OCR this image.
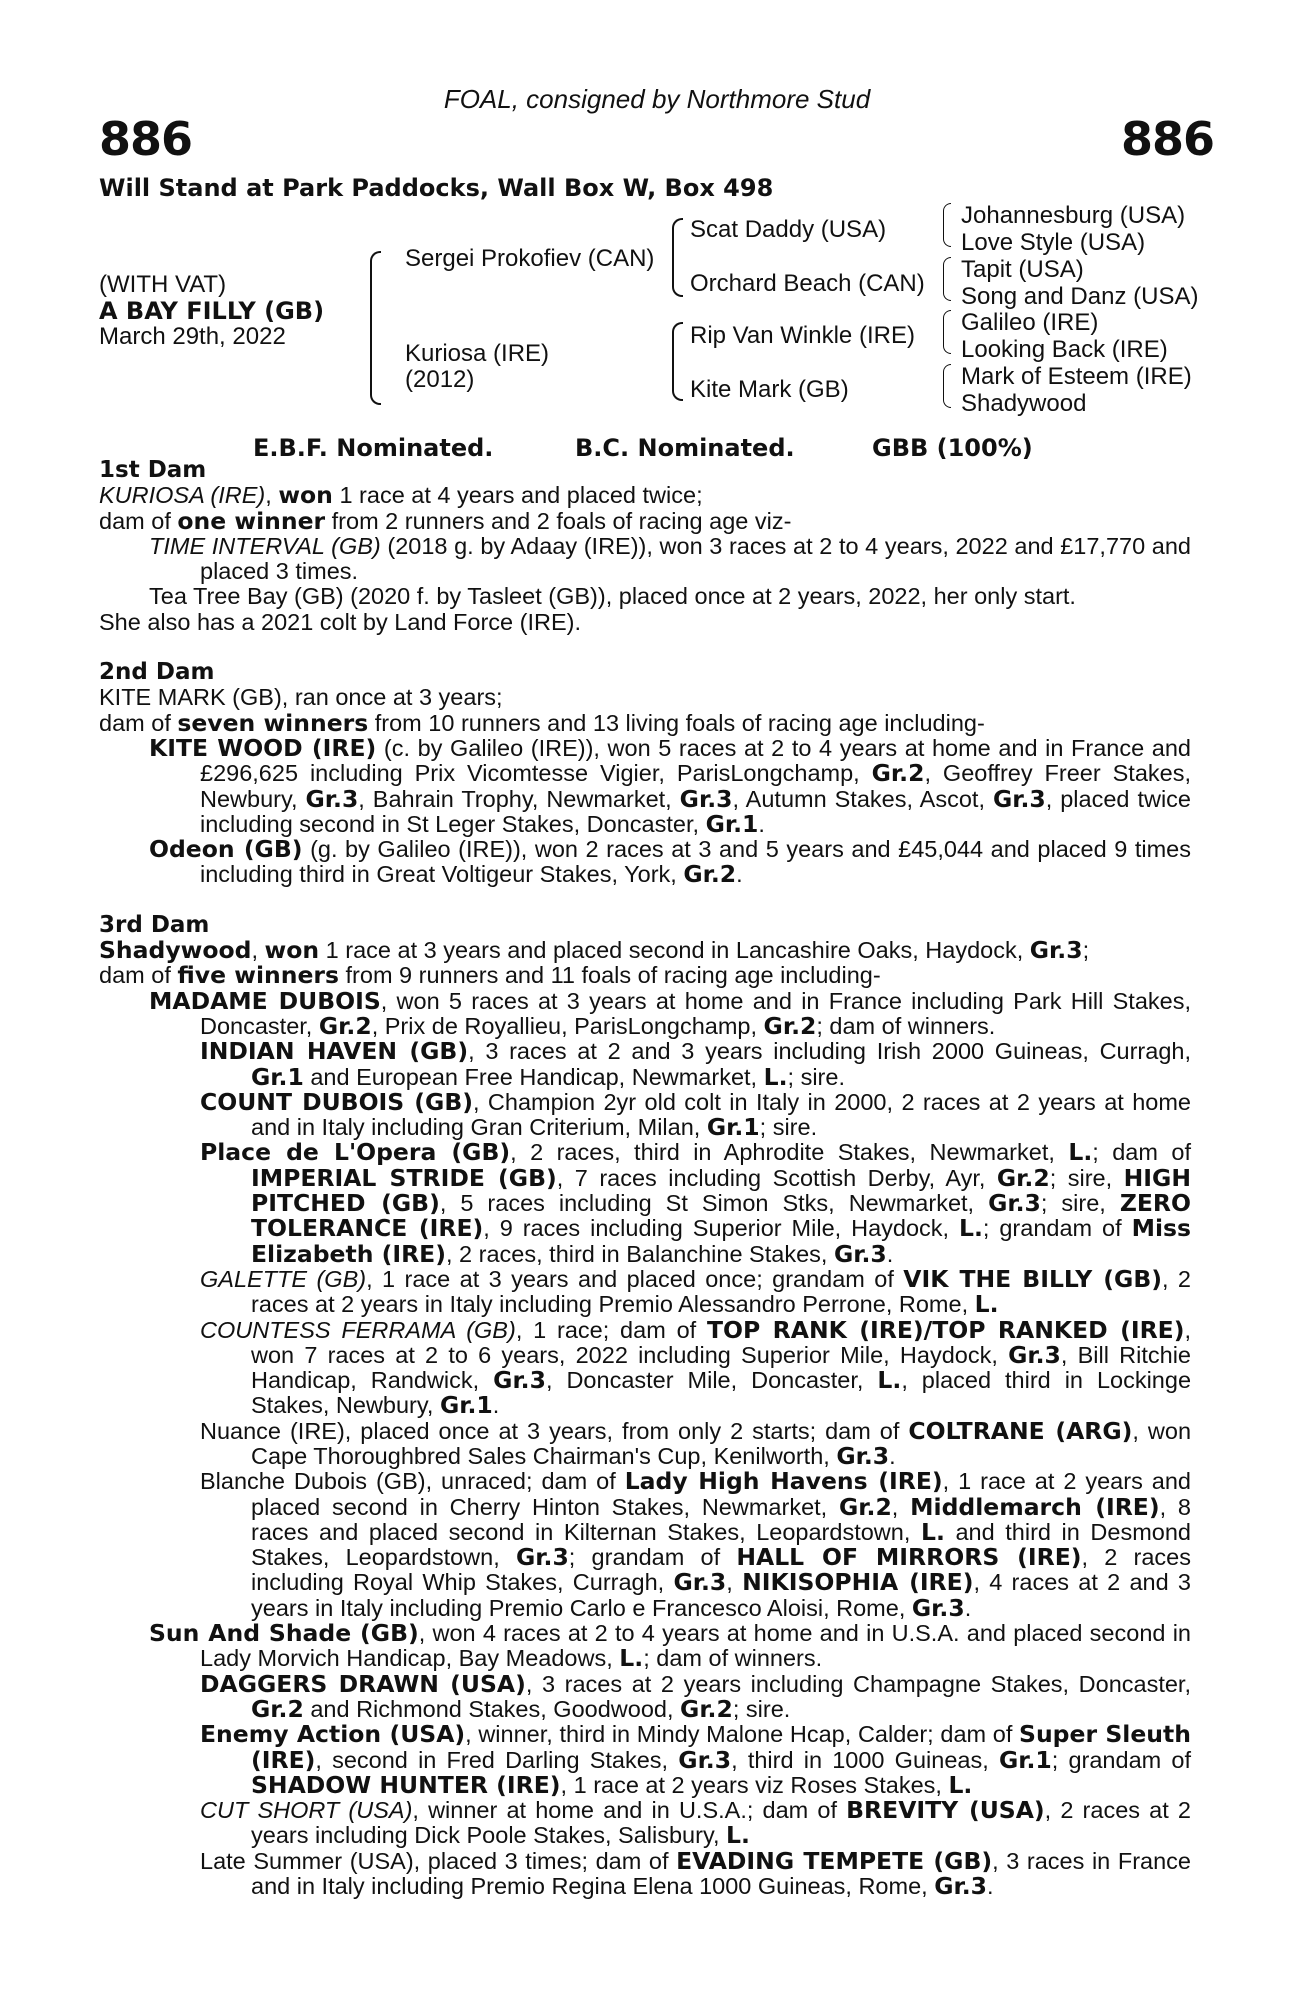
FOAL, consigned by Northmore Stud
886	886
Will Stand at Park Paddocks, Wall Box W, Box 498
(WITH VAT)
A BAY FILLY (GB)
March 29th, 2022
Sergei Prokofiev (CAN)
Kuriosa (IRE)
(2012)
Scat Daddy (USA)
Orchard Beach (CAN)
Rip Van Winkle (IRE)
Kite Mark (GB)
Johannesburg (USA)
Love Style (USA)
Tapit (USA)
Song and Danz (USA)
Galileo (IRE)
Looking Back (IRE)
Mark of Esteem (IRE)
Shadywood
E.B.F. Nominated.	B.C. Nominated.	GBB (100%)
1st Dam

KURIOSA (IRE), won 1 race at 4 years and placed twice;

dam of one winner from 2 runners and 2 foals of racing age viz-

TIME INTERVAL (GB) (2018 g. by Adaay (IRE)), won 3 races at 2 to 4 years, 2022 and £17,770 and placed 3 times.

Tea Tree Bay (GB) (2020 f. by Tasleet (GB)), placed once at 2 years, 2022, her only start.

She also has a 2021 colt by Land Force (IRE).

2nd Dam

KITE MARK (GB), ran once at 3 years;

dam of seven winners from 10 runners and 13 living foals of racing age including-

KITE WOOD (IRE) (c. by Galileo (IRE)), won 5 races at 2 to 4 years at home and in France and £296,625 including Prix Vicomtesse Vigier, ParisLongchamp, Gr.2, Geoffrey Freer Stakes, Newbury, Gr.3, Bahrain Trophy, Newmarket, Gr.3, Autumn Stakes, Ascot, Gr.3, placed twice including second in St Leger Stakes, Doncaster, Gr.1.

Odeon (GB) (g. by Galileo (IRE)), won 2 races at 3 and 5 years and £45,044 and placed 9 times including third in Great Voltigeur Stakes, York, Gr.2.

3rd Dam

Shadywood, won 1 race at 3 years and placed second in Lancashire Oaks, Haydock, Gr.3;

dam of five winners from 9 runners and 11 foals of racing age including-

MADAME DUBOIS, won 5 races at 3 years at home and in France including Park Hill Stakes, Doncaster, Gr.2, Prix de Royallieu, ParisLongchamp, Gr.2; dam of winners.

INDIAN HAVEN (GB), 3 races at 2 and 3 years including Irish 2000 Guineas, Curragh, Gr.1 and European Free Handicap, Newmarket, L.; sire.

COUNT DUBOIS (GB), Champion 2yr old colt in Italy in 2000, 2 races at 2 years at home and in Italy including Gran Criterium, Milan, Gr.1; sire.

Place de L'Opera (GB), 2 races, third in Aphrodite Stakes, Newmarket, L.; dam of IMPERIAL STRIDE (GB), 7 races including Scottish Derby, Ayr, Gr.2; sire, HIGH PITCHED (GB), 5 races including St Simon Stks, Newmarket, Gr.3; sire, ZERO TOLERANCE (IRE), 9 races including Superior Mile, Haydock, L.; grandam of Miss Elizabeth (IRE), 2 races, third in Balanchine Stakes, Gr.3.

GALETTE (GB), 1 race at 3 years and placed once; grandam of VIK THE BILLY (GB), 2 races at 2 years in Italy including Premio Alessandro Perrone, Rome, L.

COUNTESS FERRAMA (GB), 1 race; dam of TOP RANK (IRE)/TOP RANKED (IRE), won 7 races at 2 to 6 years, 2022 including Superior Mile, Haydock, Gr.3, Bill Ritchie Handicap, Randwick, Gr.3, Doncaster Mile, Doncaster, L., placed third in Lockinge Stakes, Newbury, Gr.1.

Nuance (IRE), placed once at 3 years, from only 2 starts; dam of COLTRANE (ARG), won Cape Thoroughbred Sales Chairman's Cup, Kenilworth, Gr.3.

Blanche Dubois (GB), unraced; dam of Lady High Havens (IRE), 1 race at 2 years and placed second in Cherry Hinton Stakes, Newmarket, Gr.2, Middlemarch (IRE), 8 races and placed second in Kilternan Stakes, Leopardstown, L. and third in Desmond Stakes, Leopardstown, Gr.3; grandam of HALL OF MIRRORS (IRE), 2 races including Royal Whip Stakes, Curragh, Gr.3, NIKISOPHIA (IRE), 4 races at 2 and 3 years in Italy including Premio Carlo e Francesco Aloisi, Rome, Gr.3.

Sun And Shade (GB), won 4 races at 2 to 4 years at home and in U.S.A. and placed second in Lady Morvich Handicap, Bay Meadows, L.; dam of winners.

DAGGERS DRAWN (USA), 3 races at 2 years including Champagne Stakes, Doncaster, Gr.2 and Richmond Stakes, Goodwood, Gr.2; sire.

Enemy Action (USA), winner, third in Mindy Malone Hcap, Calder; dam of Super Sleuth (IRE), second in Fred Darling Stakes, Gr.3, third in 1000 Guineas, Gr.1; grandam of SHADOW HUNTER (IRE), 1 race at 2 years viz Roses Stakes, L.

CUT SHORT (USA), winner at home and in U.S.A.; dam of BREVITY (USA), 2 races at 2 years including Dick Poole Stakes, Salisbury, L.

Late Summer (USA), placed 3 times; dam of EVADING TEMPETE (GB), 3 races in France and in Italy including Premio Regina Elena 1000 Guineas, Rome, Gr.3.
